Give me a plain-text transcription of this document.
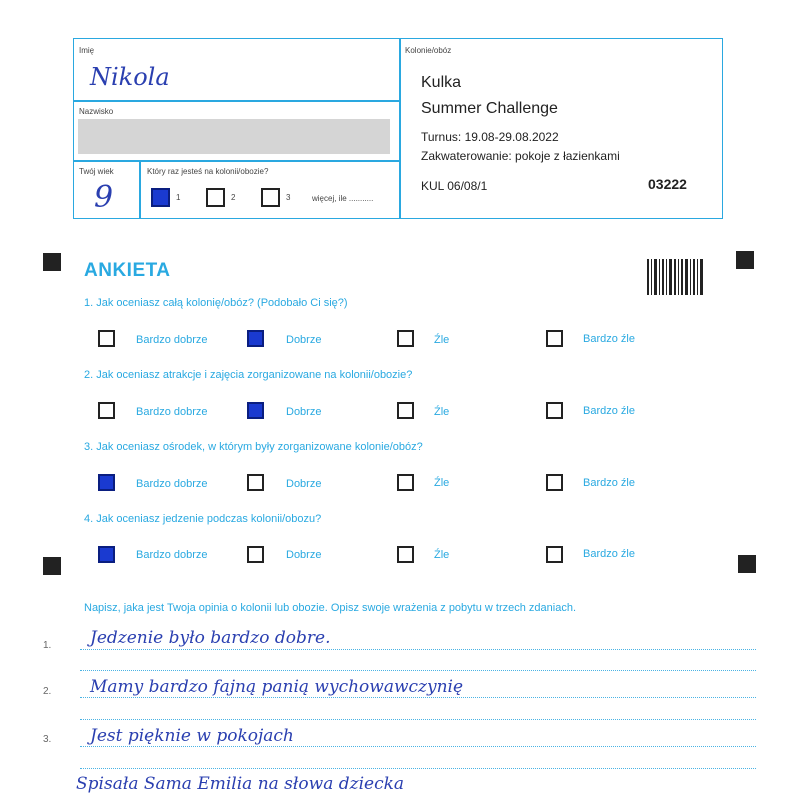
Imię
Nikola
Nazwisko
Twój wiek
9
Który raz jesteś na kolonii/obozie?
1	2	3	więcej, ile ...........
Kolonie/obóz
Kulka
Summer Challenge
Turnus: 19.08-29.08.2022
Zakwaterowanie: pokoje z łazienkami
KUL 06/08/1	03222
ANKIETA
1. Jak oceniasz całą kolonię/obóz? (Podobało Ci się?)
Bardzo dobrze	Dobrze	Źle	Bardzo źle
2. Jak oceniasz atrakcje i zajęcia zorganizowane na kolonii/obozie?
Bardzo dobrze	Dobrze	Źle	Bardzo źle
3. Jak oceniasz ośrodek, w którym były zorganizowane kolonie/obóz?
Bardzo dobrze	Dobrze	Źle	Bardzo źle
4. Jak oceniasz jedzenie podczas kolonii/obozu?
Bardzo dobrze	Dobrze	Źle	Bardzo źle
Napisz, jaka jest Twoja opinia o kolonii lub obozie. Opisz swoje wrażenia z pobytu w trzech zdaniach.
1. Jedzenie było bardzo dobre.
2. Mamy bardzo fajną panią wychowawczynię
3. Jest pięknie w pokojach
Spisała Sama Emilia na słowa dziecka
